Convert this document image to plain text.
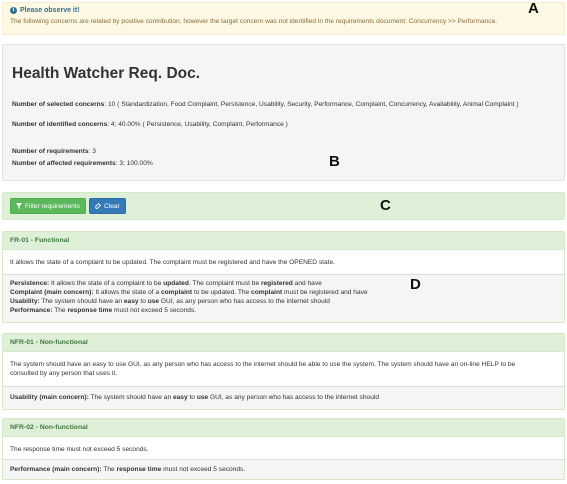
i Please observe it!
The following concerns are related by positive contribution, however the target concern was not identified in the requirements document: Concurrency >> Performance.
A
Health Watcher Req. Doc.
Number of selected concerns: 10 ( Standardization, Food Complaint, Persistence, Usability, Security, Performance, Complaint, Concurrency, Availability, Animal Complaint )
Number of identified concerns: 4; 40.00% ( Persistence, Usability, Complaint, Performance )
Number of requirements: 3
Number of affected requirements: 3; 100.00%	B
Filter requirements	Clear	C
FR-01 - Functional
It allows the state of a complaint to be updated. The complaint must be registered and have the OPENED state.
Persistence: It allows the state of a complaint to be updated. The complaint must be registered and have
Complaint (main concern): It allows the state of a complaint to be updated. The complaint must be registered and have
Usability: The system should have an easy to use GUI, as any person who has access to the internet should
Performance: The response time must not exceed 5 seconds.
D
NFR-01 - Non-functional
The system should have an easy to use GUI, as any person who has access to the internet should be able to use the system. The system should have an on-line HELP to be
consulted by any person that uses it.
Usability (main concern): The system should have an easy to use GUI, as any person who has access to the internet should
NFR-02 - Non-functional
The response time must not exceed 5 seconds.
Performance (main concern): The response time must not exceed 5 seconds.
